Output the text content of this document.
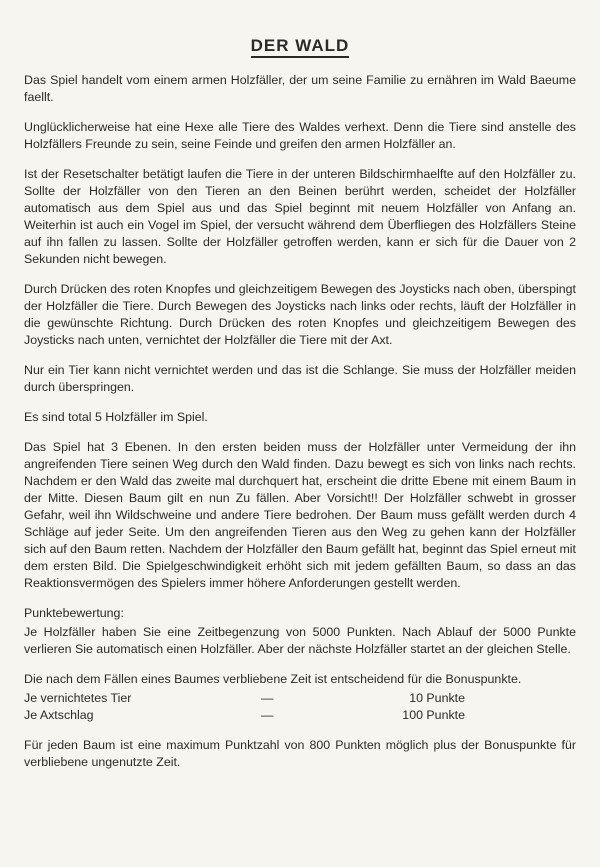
DER WALD

Das Spiel handelt vom einem armen Holzfäller, der um seine Familie zu ernähren im Wald Baeume faellt.

Unglücklicherweise hat eine Hexe alle Tiere des Waldes verhext. Denn die Tiere sind anstelle des Holzfällers Freunde zu sein, seine Feinde und greifen den armen Holzfäller an.

Ist der Resetschalter betätigt laufen die Tiere in der unteren Bildschirmhaelfte auf den Holzfäller zu. Sollte der Holzfäller von den Tieren an den Beinen berührt werden, scheidet der Holzfäller automatisch aus dem Spiel aus und das Spiel beginnt mit neuem Holzfäller von Anfang an. Weiterhin ist auch ein Vogel im Spiel, der versucht während dem Überfliegen des Holzfällers Steine auf ihn fallen zu lassen. Sollte der Holzfäller getroffen werden, kann er sich für die Dauer von 2 Sekunden nicht bewegen.

Durch Drücken des roten Knopfes und gleichzeitigem Bewegen des Joysticks nach oben, überspingt der Holzfäller die Tiere. Durch Bewegen des Joysticks nach links oder rechts, läuft der Holzfäller in die gewünschte Richtung. Durch Drücken des roten Knopfes und gleichzeitigem Bewegen des Joysticks nach unten, vernichtet der Holzfäller die Tiere mit der Axt.

Nur ein Tier kann nicht vernichtet werden und das ist die Schlange. Sie muss der Holzfäller meiden durch überspringen.

Es sind total 5 Holzfäller im Spiel.

Das Spiel hat 3 Ebenen. In den ersten beiden muss der Holzfäller unter Vermeidung der ihn angreifenden Tiere seinen Weg durch den Wald finden. Dazu bewegt es sich von links nach rechts. Nachdem er den Wald das zweite mal durchquert hat, erscheint die dritte Ebene mit einem Baum in der Mitte. Diesen Baum gilt en nun Zu fällen. Aber Vorsicht!! Der Holzfäller schwebt in grosser Gefahr, weil ihn Wildschweine und andere Tiere bedrohen. Der Baum muss gefällt werden durch 4 Schläge auf jeder Seite. Um den angreifenden Tieren aus den Weg zu gehen kann der Holzfäller sich auf den Baum retten. Nachdem der Holzfäller den Baum gefällt hat, beginnt das Spiel erneut mit dem ersten Bild. Die Spielgeschwindigkeit erhöht sich mit jedem gefällten Baum, so dass an das Reaktionsvermögen des Spielers immer höhere Anforderungen gestellt werden.

Punktebewertung:

Je Holzfäller haben Sie eine Zeitbegenzung von 5000 Punkten. Nach Ablauf der 5000 Punkte verlieren Sie automatisch einen Holzfäller. Aber der nächste Holzfäller startet an der gleichen Stelle.

Die nach dem Fällen eines Baumes verbliebene Zeit ist entscheidend für die Bonuspunkte.

Je vernichtetes Tier	—	10 Punkte
Je Axtschlag	—	100 Punkte

Für jeden Baum ist eine maximum Punktzahl von 800 Punkten möglich plus der Bonuspunkte für verbliebene ungenutzte Zeit.
